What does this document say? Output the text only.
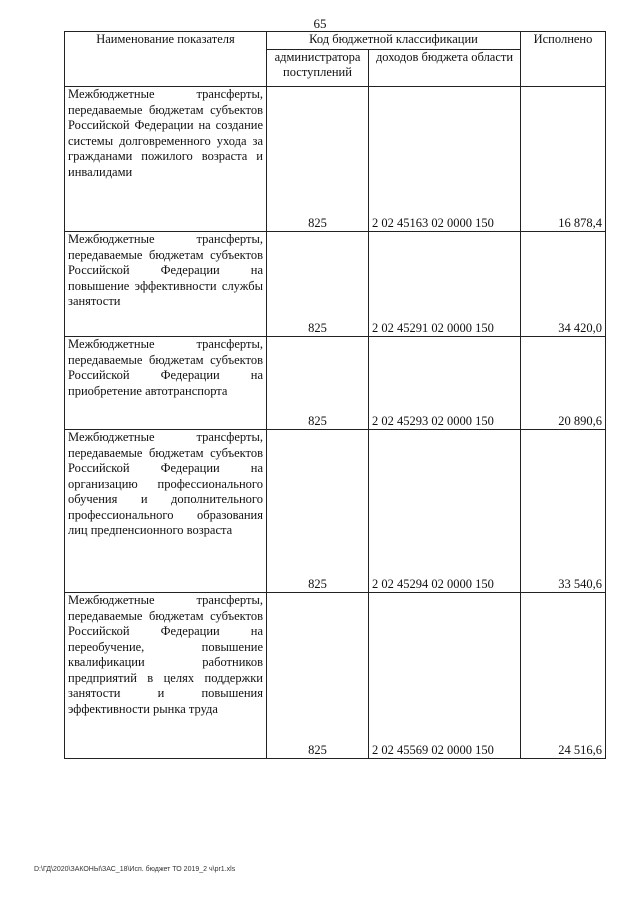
65
Наименование показателя	Код бюджетной классификации		Исполнено
	администратора поступлений	доходов бюджета области	
Межбюджетные трансферты, передаваемые бюджетам субъектов Российской Федерации на создание системы долговременного ухода за гражданами пожилого возраста и инвалидами	825	2 02 45163 02 0000 150	16 878,4
Межбюджетные трансферты, передаваемые бюджетам субъектов Российской Федерации на повышение эффективности службы занятости	825	2 02 45291 02 0000 150	34 420,0
Межбюджетные трансферты, передаваемые бюджетам субъектов Российской Федерации на приобретение автотранспорта	825	2 02 45293 02 0000 150	20 890,6
Межбюджетные трансферты, передаваемые бюджетам субъектов Российской Федерации на организацию профессионального обучения и дополнительного профессионального образования лиц предпенсионного возраста	825	2 02 45294 02 0000 150	33 540,6
Межбюджетные трансферты, передаваемые бюджетам субъектов Российской Федерации на переобучение, повышение квалификации работников предприятий в целях поддержки занятости и повышения эффективности рынка труда	825	2 02 45569 02 0000 150	24 516,6
D:\ГД\2020\ЗАКОНЫ\ЗАС_18\Исп. бюджет ТО 2019_2 ч\pr1.xls
